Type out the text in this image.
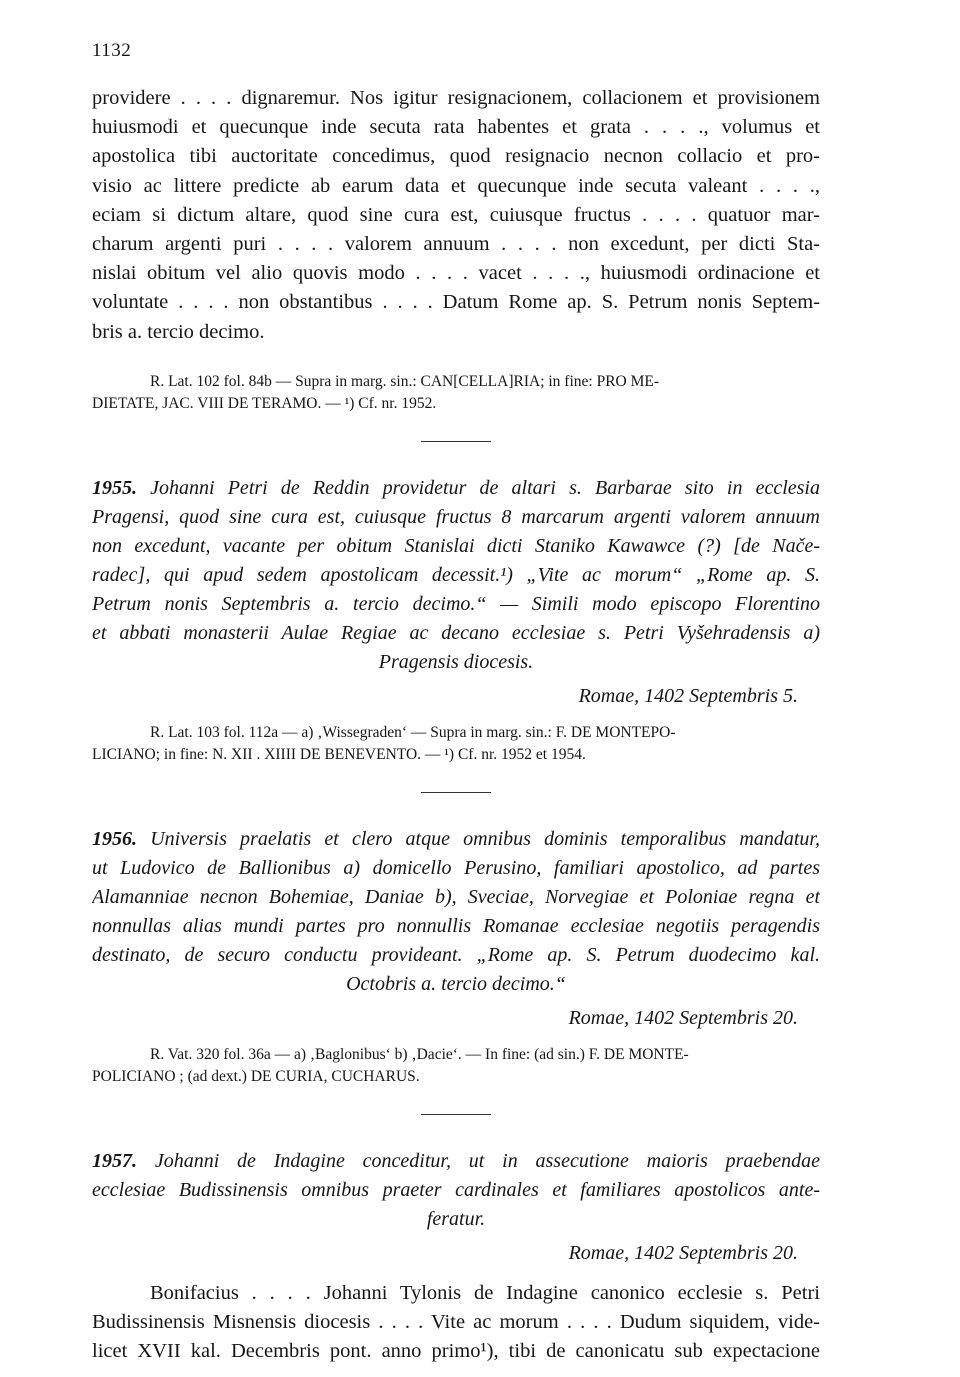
1132
providere . . . . dignaremur. Nos igitur resignacionem, collacionem et provisionem
huiusmodi et quecunque inde secuta rata habentes et grata . . . ., volumus et
apostolica tibi auctoritate concedimus, quod resignacio necnon collacio et pro-
visio ac littere predicte ab earum data et quecunque inde secuta valeant . . . .,
eciam si dictum altare, quod sine cura est, cuiusque fructus . . . . quatuor mar-
charum argenti puri . . . . valorem annuum . . . . non excedunt, per dicti Sta-
nislai obitum vel alio quovis modo . . . . vacet . . . ., huiusmodi ordinacione et
voluntate . . . . non obstantibus . . . . Datum Rome ap. S. Petrum nonis Septem-
bris a. tercio decimo.
R. Lat. 102 fol. 84b — Supra in marg. sin.: CAN[CELLA]RIA; in fine: PRO ME-
DIETATE, JAC. VIII DE TERAMO. — ¹) Cf. nr. 1952.
1955. Johanni Petri de Reddin providetur de altari s. Barbarae sito in ecclesia
Pragensi, quod sine cura est, cuiusque fructus 8 marcarum argenti valorem annuum
non excedunt, vacante per obitum Stanislai dicti Staniko Kawawce (?) [de Nače-
radec], qui apud sedem apostolicam decessit.¹) „Vite ac morum“ „Rome ap. S.
Petrum nonis Septembris a. tercio decimo.“ — Simili modo episcopo Florentino
et abbati monasterii Aulae Regiae ac decano ecclesiae s. Petri Vyšehradensis a)
Pragensis diocesis.
Romae, 1402 Septembris 5.
R. Lat. 103 fol. 112a — a) ‚Wissegraden‘ — Supra in marg. sin.: F. DE MONTEPO-
LICIANO; in fine: N. XII . XIIII DE BENEVENTO. — ¹) Cf. nr. 1952 et 1954.
1956. Universis praelatis et clero atque omnibus dominis temporalibus mandatur,
ut Ludovico de Ballionibus a) domicello Perusino, familiari apostolico, ad partes
Alamanniae necnon Bohemiae, Daniae b), Sveciae, Norvegiae et Poloniae regna et
nonnullas alias mundi partes pro nonnullis Romanae ecclesiae negotiis peragendis
destinato, de securo conductu provideant. „Rome ap. S. Petrum duodecimo kal.
Octobris a. tercio decimo.“
Romae, 1402 Septembris 20.
R. Vat. 320 fol. 36a — a) ‚Baglonibus‘ b) ‚Dacie‘. — In fine: (ad sin.) F. DE MONTE-
POLICIANO ; (ad dext.) DE CURIA, CUCHARUS.
1957. Johanni de Indagine conceditur, ut in assecutione maioris praebendae
ecclesiae Budissinensis omnibus praeter cardinales et familiares apostolicos ante-
feratur.
Romae, 1402 Septembris 20.
Bonifacius . . . . Johanni Tylonis de Indagine canonico ecclesie s. Petri
Budissinensis Misnensis diocesis . . . . Vite ac morum . . . . Dudum siquidem, vide-
licet XVII kal. Decembris pont. anno primo¹), tibi de canonicatu sub expectacione
